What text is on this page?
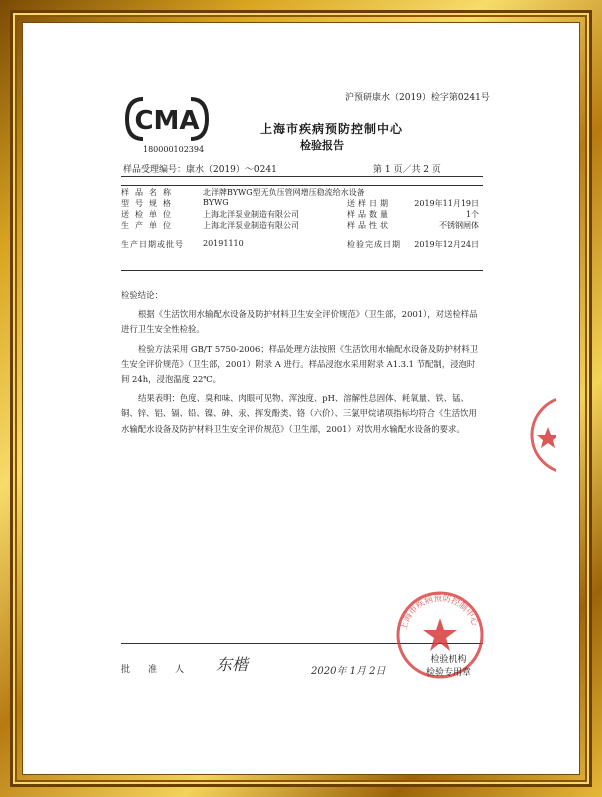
CMA
180000102394
沪预研康水（2019）检字第0241号
上海市疾病预防控制中心
检验报告
样品受理编号：康水（2019）～0241	第 1 页／共 2 页
样品名称	北洋牌BYWG型无负压管网增压稳流给水设备
型号规格	BYWG	送样日期	2019年11月19日
送检单位	上海北洋泵业制造有限公司	样品数量	1个
生产单位	上海北洋泵业制造有限公司	样品性状	不锈钢闸体
生产日期或批号 20191110	检验完成日期 2019年12月24日

检验结论：

根据《生活饮用水输配水设备及防护材料卫生安全评价规范》（卫生部，2001），对送检样品进行卫生安全性检验。

检验方法采用 GB/T 5750-2006；样品处理方法按照《生活饮用水输配水设备及防护材料卫生安全评价规范》（卫生部，2001）附录 A 进行。样品浸泡水采用附录 A1.3.1 节配制，浸泡时间 24h，浸泡温度 22℃。

结果表明：色度、臭和味、肉眼可见物、浑浊度、pH、溶解性总固体、耗氧量、铁、锰、铜、锌、铝、镉、铅、镍、砷、汞、挥发酚类、铬（六价）、三氯甲烷诸项指标均符合《生活饮用水输配水设备及防护材料卫生安全评价规范》（卫生部，2001）对饮用水输配水设备的要求。

上海市疾病预防控制中心
批准人 东楷	2020年 1月 2日
检验机构
检验专用章
